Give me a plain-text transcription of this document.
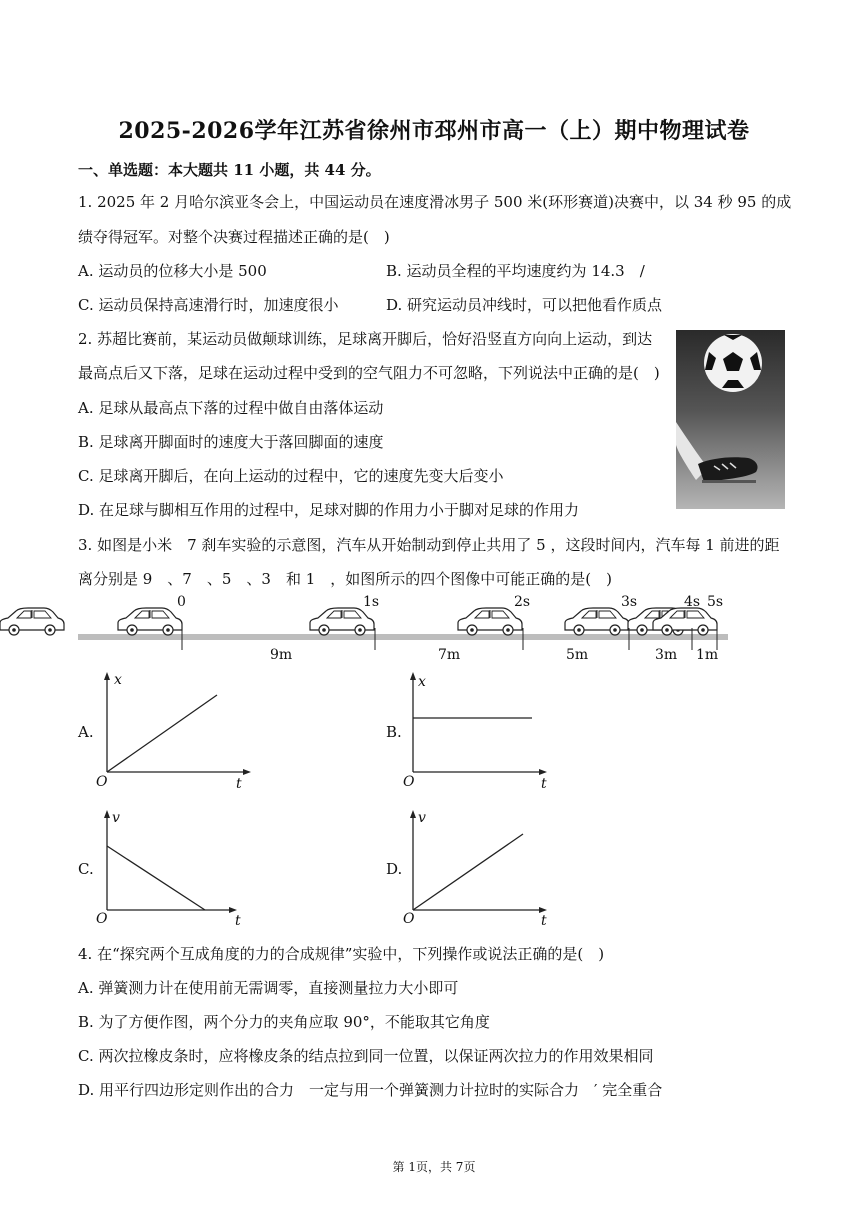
2025-2026学年江苏省徐州市邳州市高一（上）期中物理试卷
一、单选题：本大题共 11 小题，共 44 分。
1. 2025 年 2 月哈尔滨亚冬会上，中国运动员在速度滑冰男子 500 米(环形赛道)决赛中，以 34 秒 95 的成
绩夺得冠军。对整个决赛过程描述正确的是(　)
A. 运动员的位移大小是 500	B. 运动员全程的平均速度约为 14.3　/
C. 运动员保持高速滑行时，加速度很小	D. 研究运动员冲线时，可以把他看作质点
2. 苏超比赛前，某运动员做颠球训练，足球离开脚后，恰好沿竖直方向向上运动，到达
最高点后又下落，足球在运动过程中受到的空气阻力不可忽略，下列说法中正确的是(　)
A. 足球从最高点下落的过程中做自由落体运动
B. 足球离开脚面时的速度大于落回脚面的速度
C. 足球离开脚后，在向上运动的过程中，它的速度先变大后变小
D. 在足球与脚相互作用的过程中，足球对脚的作用力小于脚对足球的作用力
3. 如图是小米　7 刹车实验的示意图，汽车从开始制动到停止共用了 5 ，这段时间内，汽车每 1 前进的距
离分别是 9　、7　、5　、3　和 1　，如图所示的四个图像中可能正确的是(　)
0	1s	2s	3s	4s 5s
9m	7m	5m	3m 1m
A.
x
t
O
B.
x
t
O
C.
v
t
O
D.
v
t
O
4. 在“探究两个互成角度的力的合成规律”实验中，下列操作或说法正确的是(　)
A. 弹簧测力计在使用前无需调零，直接测量拉力大小即可
B. 为了方便作图，两个分力的夹角应取 90°，不能取其它角度
C. 两次拉橡皮条时，应将橡皮条的结点拉到同一位置，以保证两次拉力的作用效果相同
D. 用平行四边形定则作出的合力　一定与用一个弹簧测力计拉时的实际合力　′ 完全重合
第 1页，共 7页
